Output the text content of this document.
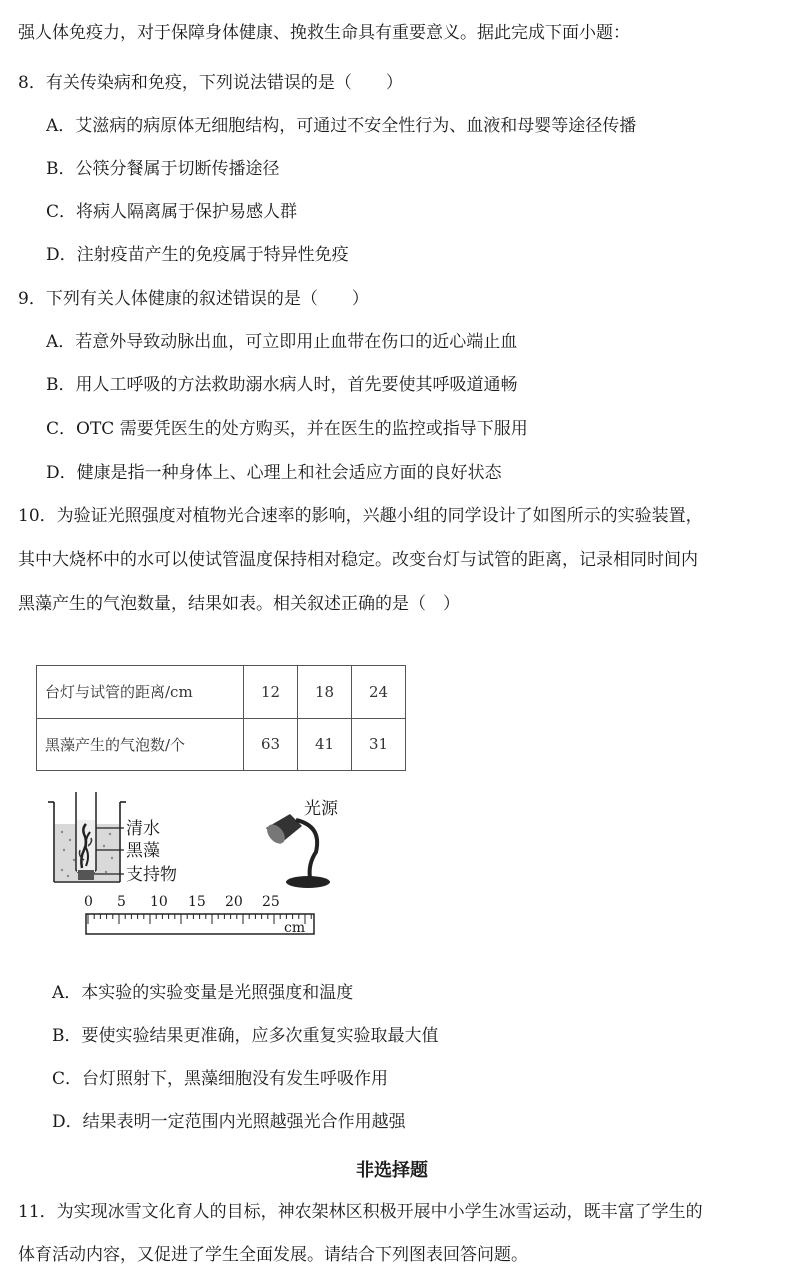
强人体免疫力，对于保障身体健康、挽救生命具有重要意义。据此完成下面小题：
8．有关传染病和免疫，下列说法错误的是（　　）
A．艾滋病的病原体无细胞结构，可通过不安全性行为、血液和母婴等途径传播
B．公筷分餐属于切断传播途径
C．将病人隔离属于保护易感人群
D．注射疫苗产生的免疫属于特异性免疫
9．下列有关人体健康的叙述错误的是（　　）
A．若意外导致动脉出血，可立即用止血带在伤口的近心端止血
B．用人工呼吸的方法救助溺水病人时，首先要使其呼吸道通畅
C．OTC 需要凭医生的处方购买，并在医生的监控或指导下服用
D．健康是指一种身体上、心理上和社会适应方面的良好状态
10．为验证光照强度对植物光合速率的影响，兴趣小组的同学设计了如图所示的实验装置，
其中大烧杯中的水可以使试管温度保持相对稳定。改变台灯与试管的距离，记录相同时间内
黑藻产生的气泡数量，结果如表。相关叙述正确的是（　）
台灯与试管的距离/cm	12	18	24
黑藻产生的气泡数/个	63	41	31
清水
黑藻
支持物
光源
0 5 10 15 20 25
cm
A．本实验的实验变量是光照强度和温度
B．要使实验结果更准确，应多次重复实验取最大值
C．台灯照射下，黑藻细胞没有发生呼吸作用
D．结果表明一定范围内光照越强光合作用越强
非选择题
11．为实现冰雪文化育人的目标，神农架林区积极开展中小学生冰雪运动，既丰富了学生的
体育活动内容，又促进了学生全面发展。请结合下列图表回答问题。
